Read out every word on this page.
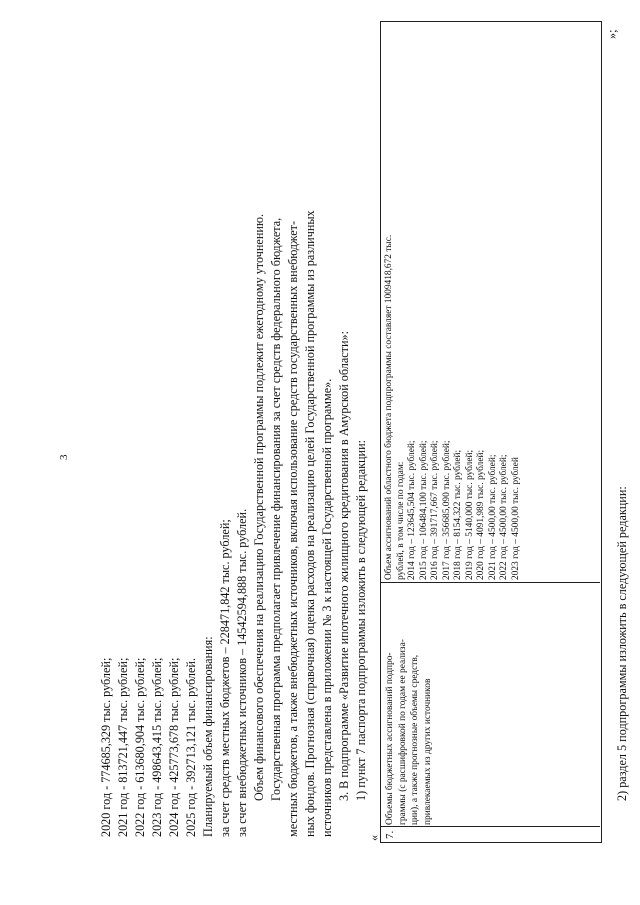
3
2020 год - 774685,329 тыс. рублей; 2021 год - 813721,447 тыс. рублей; 2022 год - 613680,904 тыс. рублей; 2023 год - 498643,415 тыс. рублей; 2024 год - 425773,678 тыс. рублей; 2025 год - 392713,121 тыс. рублей. Планируемый объем финансирования: за счет средств местных бюджетов – 228471,842 тыс. рублей; за счет внебюджетных источников – 14542594,888 тыс. рублей. Объем финансового обеспечения на реализацию Государственной программы подлежит ежегодному уточнению. Государственная программа предполагает привлечение финансирования за счет средств федерального бюджета, местных бюджетов, а также внебюджетных источников, включая использование средств государственных внебюджет- ных фондов. Прогнозная (справочная) оценка расходов на реализацию целей Государственной программы из различных источников представлена в приложении № 3 к настоящей Государственной программе». 3. В подпрограмме «Развитие ипотечного жилищного кредитования в Амурской области»: 1) пункт 7 паспорта подпрограммы изложить в следующей редакции:
« 7.
Объемы бюджетных ассигнований подпро- граммы (с расшифровкой по годам ее реализа- ции), а также прогнозные объемы средств, привлекаемых из других источников
Объем ассигнований областного бюджета подпрограммы составляет 1009418,672 тыс. рублей, в том числе по годам: 2014 год – 123645,504 тыс. рублей; 2015 год – 106484,100 тыс. рублей; 2016 год – 391717,667 тыс. рублей; 2017 год – 356685,090 тыс. рублей; 2018 год – 8154,322 тыс. рублей; 2019 год – 5140,000 тыс. рублей; 2020 год – 4091,989 тыс. рублей; 2021 год – 4500,00 тыс. рублей; 2022 год – 4500,00 тыс. рублей; 2023 год – 4500,00 тыс. рублей
»;
2) раздел 5 подпрограммы изложить в следующей редакции:
